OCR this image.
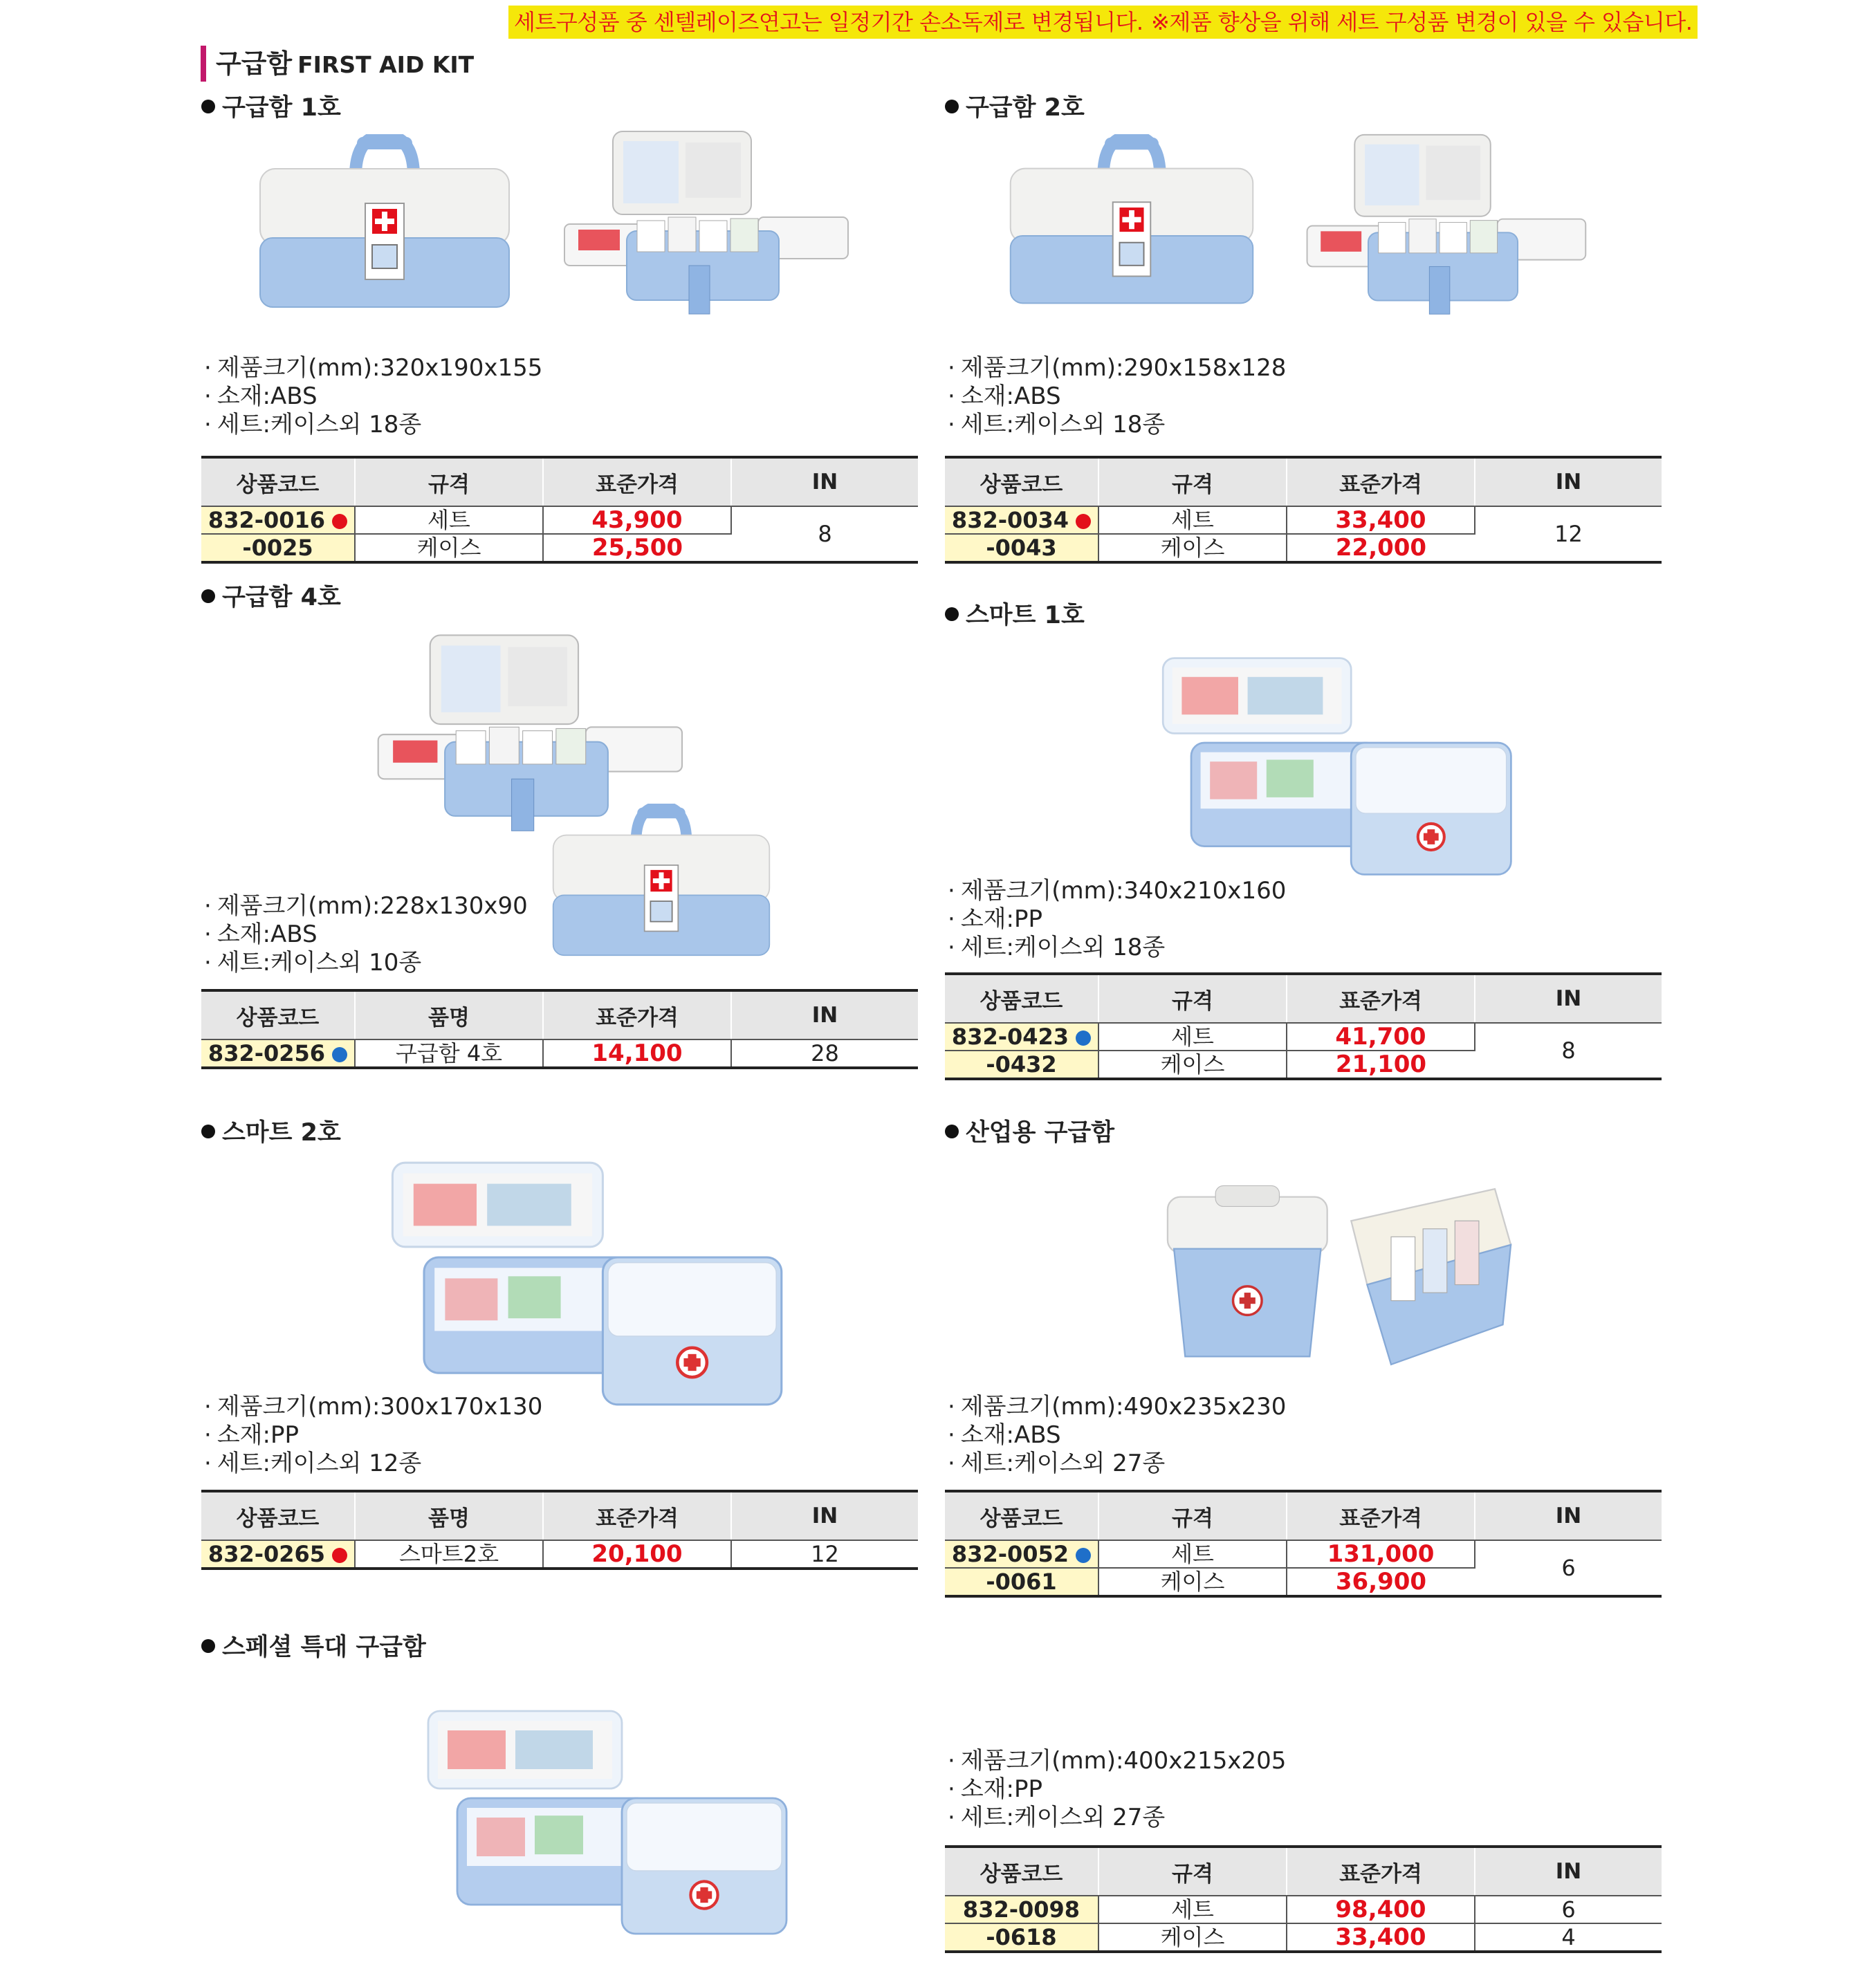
세트구성품 중 센텔레이즈연고는 일정기간 손소독제로 변경됩니다. ※제품 향상을 위해 세트 구성품 변경이 있을 수 있습니다.
구급함 FIRST AID KIT
구급함 1호
· 제품크기(mm):320x190x155
· 소재:ABS
· 세트:케이스외 18종
상품코드	규격	표준가격	IN
832-0016	세트	43,900	8
-0025	케이스	25,500	
구급함 2호
· 제품크기(mm):290x158x128
· 소재:ABS
· 세트:케이스외 18종
상품코드	규격	표준가격	IN
832-0034	세트	33,400	12
-0043	케이스	22,000	
구급함 4호
· 제품크기(mm):228x130x90
· 소재:ABS
· 세트:케이스외 10종
상품코드	품명	표준가격	IN
832-0256	구급함 4호	14,100	28
스마트 1호
· 제품크기(mm):340x210x160
· 소재:PP
· 세트:케이스외 18종
상품코드	규격	표준가격	IN
832-0423	세트	41,700	8
-0432	케이스	21,100	
스마트 2호
· 제품크기(mm):300x170x130
· 소재:PP
· 세트:케이스외 12종
상품코드	품명	표준가격	IN
832-0265	스마트2호	20,100	12
산업용 구급함
· 제품크기(mm):490x235x230
· 소재:ABS
· 세트:케이스외 27종
상품코드	규격	표준가격	IN
832-0052	세트	131,000	6
-0061	케이스	36,900	
스페셜 특대 구급함
· 제품크기(mm):400x215x205
· 소재:PP
· 세트:케이스외 27종
상품코드	규격	표준가격	IN
832-0098	세트	98,400	6
-0618	케이스	33,400	4
